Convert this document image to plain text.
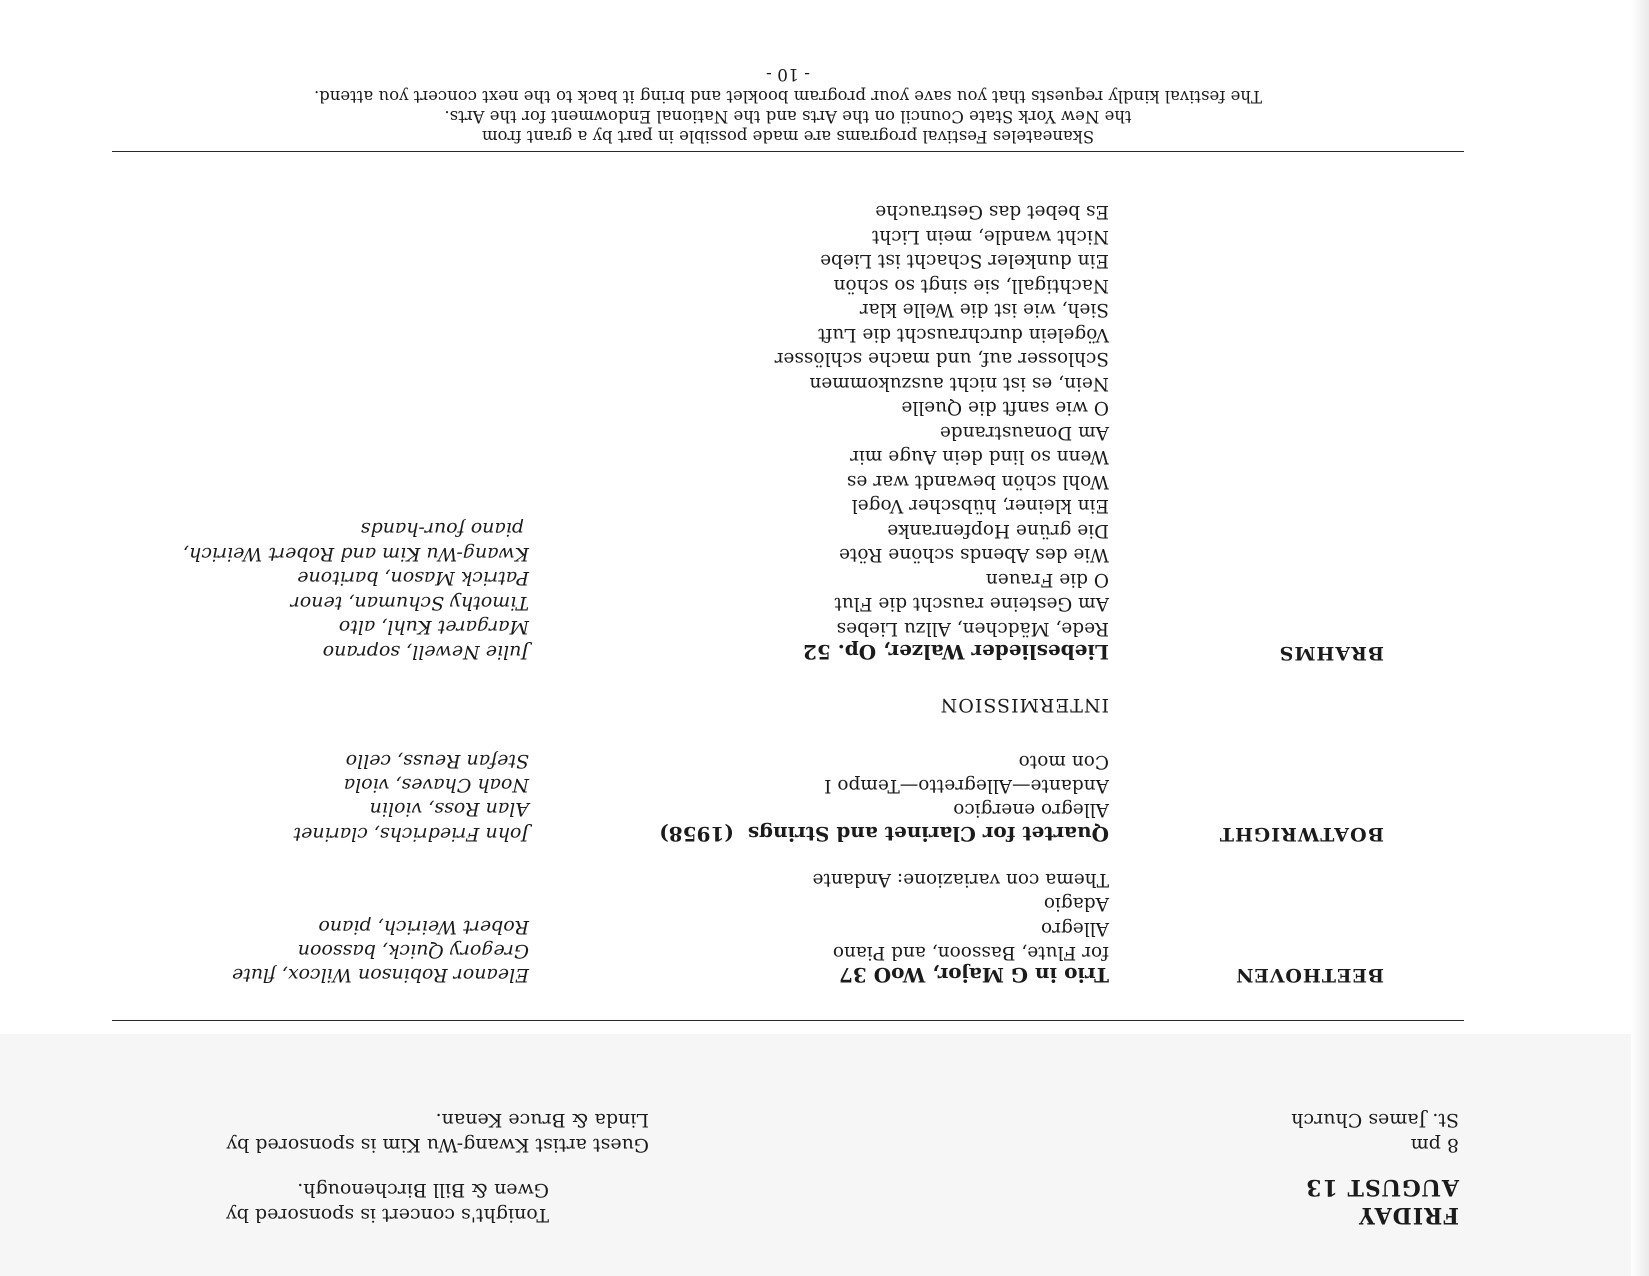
FRIDAY
AUGUST 13
Tonight's concert is sponsored by
Gwen & Bill Birchenough.
8 pm
St. James Church
Guest artist Kwang-Wu Kim is sponsored by
Linda & Bruce Kenan.
BEETHOVEN
Trio in G Major, WoO 37
for Flute, Bassoon, and Piano
Allegro
Adagio
Thema con variazione: Andante
Eleanor Robinson Wilcox, flute
Gregory Quick, bassoon
Robert Weirich, piano
BOATWRIGHT
Quartet for Clarinet and Strings  (1958)
Allegro energico
Andante—Allegretto—Tempo I
Con moto
John Friedrichs, clarinet
Alan Ross, violin
Noah Chaves, viola
Stefan Reuss, cello
INTERMISSION
BRAHMS
Liebeslieder Walzer, Op. 52
Rede, Mädchen, Allzu Liebes
Am Gesteine rauscht die Flut
O die Frauen
Wie des Abends schöne Röte
Die grüne Hopfenranke
Ein kleiner, hübscher Vogel
Wohl schön bewandt war es
Wenn so lind dein Auge mir
Am Donaustrande
O wie sanft die Quelle
Nein, es ist nicht auszukommen
Schlosser auf, und mache schlösser
Vögelein durchrauscht die Luft
Sieh, wie ist die Welle klar
Nachtigall, sie singt so schön
Ein dunkeler Schacht ist Liebe
Nicht wandle, mein Licht
Es bebet das Gestrauche
Julie Newell, soprano
Margaret Kuhl, alto
Timothy Schuman, tenor
Patrick Mason, baritone
Kwang-Wu Kim and Robert Weirich,
piano four-hands
Skaneateles Festival programs are made possible in part by a grant from
the New York State Council on the Arts and the National Endowment for the Arts.
The festival kindly requests that you save your program booklet and bring it back to the next concert you attend.
- 10 -
